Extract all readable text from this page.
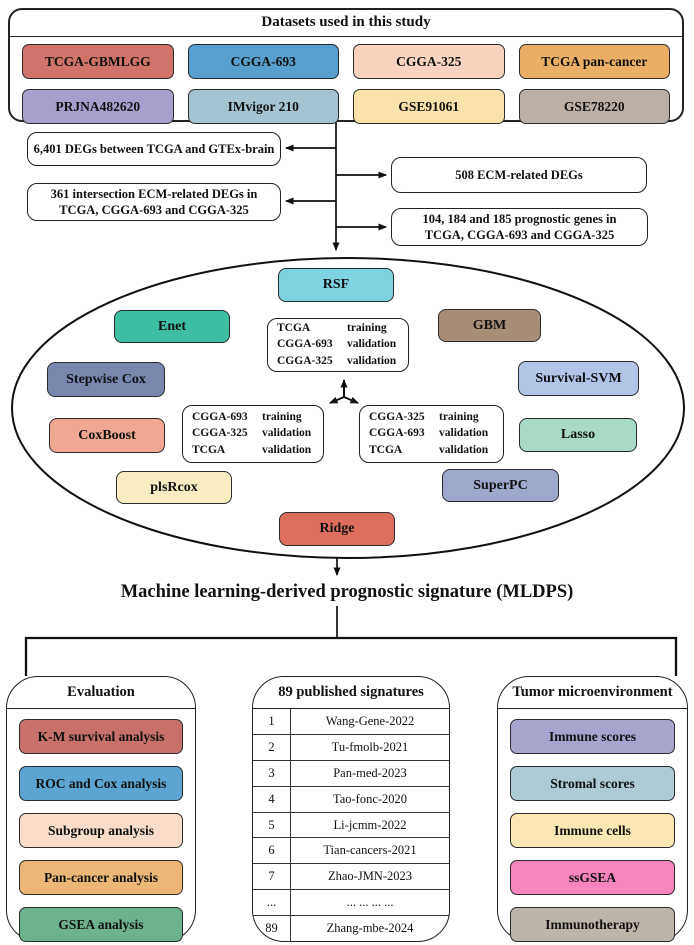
Datasets used in this study
TCGA-GBMLGG	CGGA-693	CGGA-325	TCGA pan-cancer
PRJNA482620	IMvigor 210	GSE91061	GSE78220
6,401 DEGs between TCGA and GTEx-brain
508 ECM-related DEGs
361 intersection ECM-related DEGs in
TCGA, CGGA-693 and CGGA-325
104, 184 and 185 prognostic genes in
TCGA, CGGA-693 and CGGA-325
RSF
Enet	GBM
Stepwise Cox	Survival-SVM
CoxBoost	Lasso
plsRcox	SuperPC
Ridge
TCGA	training
CGGA-693	validation
CGGA-325	validation
CGGA-693	training
CGGA-325	validation
TCGA	validation
CGGA-325	training
CGGA-693	validation
TCGA	validation
Machine learning-derived prognostic signature (MLDPS)
Evaluation
K-M survival analysis
ROC and Cox analysis
Subgroup analysis
Pan-cancer analysis
GSEA analysis
89 published signatures
1	Wang-Gene-2022
2	Tu-fmolb-2021
3	Pan-med-2023
4	Tao-fonc-2020
5	Li-jcmm-2022
6	Tian-cancers-2021
7	Zhao-JMN-2023
...	... ... ... ...
89	Zhang-mbe-2024
Tumor microenvironment
Immune scores
Stromal scores
Immune cells
ssGSEA
Immunotherapy
